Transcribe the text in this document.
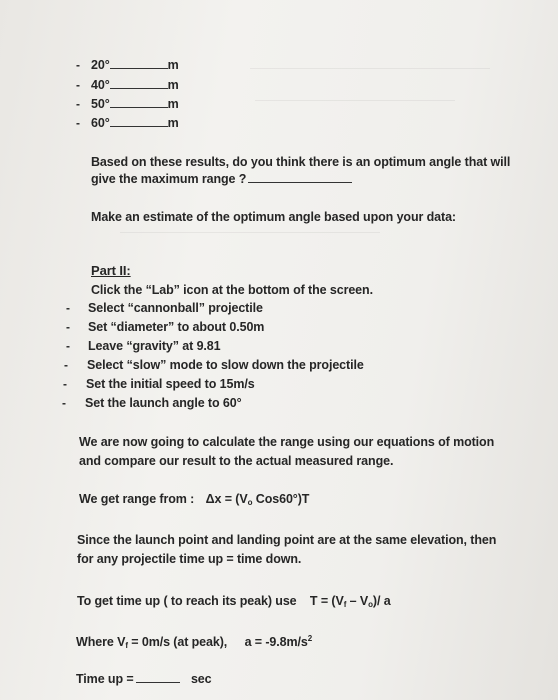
- 20°	m
- 40°	m
- 50°	m
- 60°	m
Based on these results, do you think there is an optimum angle that will
give the maximum range ?
Make an estimate of the optimum angle based upon your data:
Part II:
Click the “Lab” icon at the bottom of the screen.
- Select “cannonball” projectile
- Set “diameter” to about 0.50m
- Leave “gravity” at 9.81
- Select “slow” mode to slow down the projectile
- Set the initial speed to 15m/s
- Set the launch angle to 60°
We are now going to calculate the range using our equations of motion
and compare our result to the actual measured range.
We get range from : $\Delta x = (V_o$ Cos60°)T
Since the launch point and landing point are at the same elevation, then
for any projectile time up = time down.
To get time up ( to reach its peak) use $T = (V_f - V_o)/$ a
Where $V_f = 0m/s$ (at peak), $a = -9.8m/s^2$
Time up =	sec
